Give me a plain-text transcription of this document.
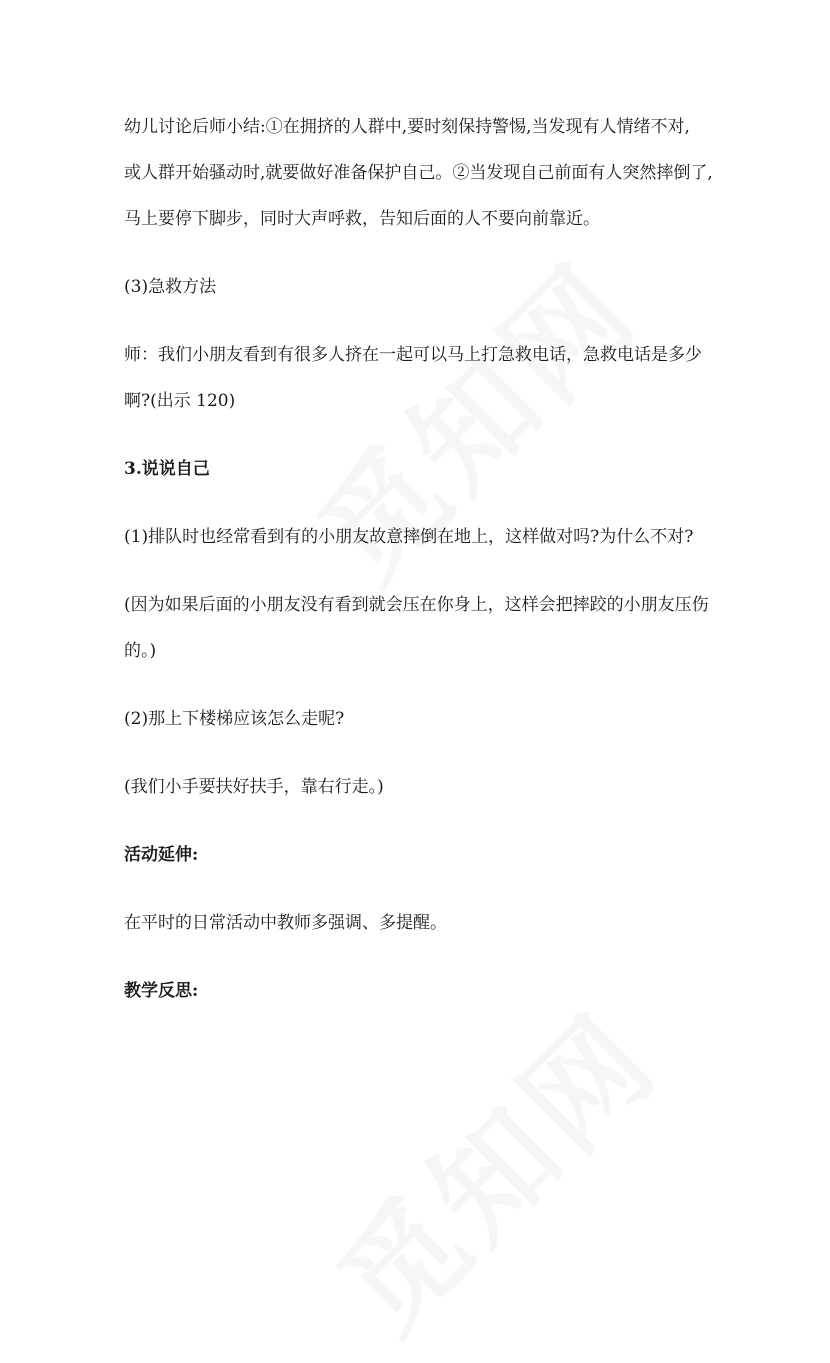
幼儿讨论后师小结:①在拥挤的人群中,要时刻保持警惕,当发现有人情绪不对,

或人群开始骚动时,就要做好准备保护自己。②当发现自己前面有人突然摔倒了,

马上要停下脚步，同时大声呼救，告知后面的人不要向前靠近。

(3)急救方法

师：我们小朋友看到有很多人挤在一起可以马上打急救电话，急救电话是多少

啊?(出示 120)

3.说说自己

(1)排队时也经常看到有的小朋友故意摔倒在地上，这样做对吗?为什么不对?

(因为如果后面的小朋友没有看到就会压在你身上，这样会把摔跤的小朋友压伤

的。)

(2)那上下楼梯应该怎么走呢?

(我们小手要扶好扶手，靠右行走。)

活动延伸:

在平时的日常活动中教师多强调、多提醒。

教学反思:
